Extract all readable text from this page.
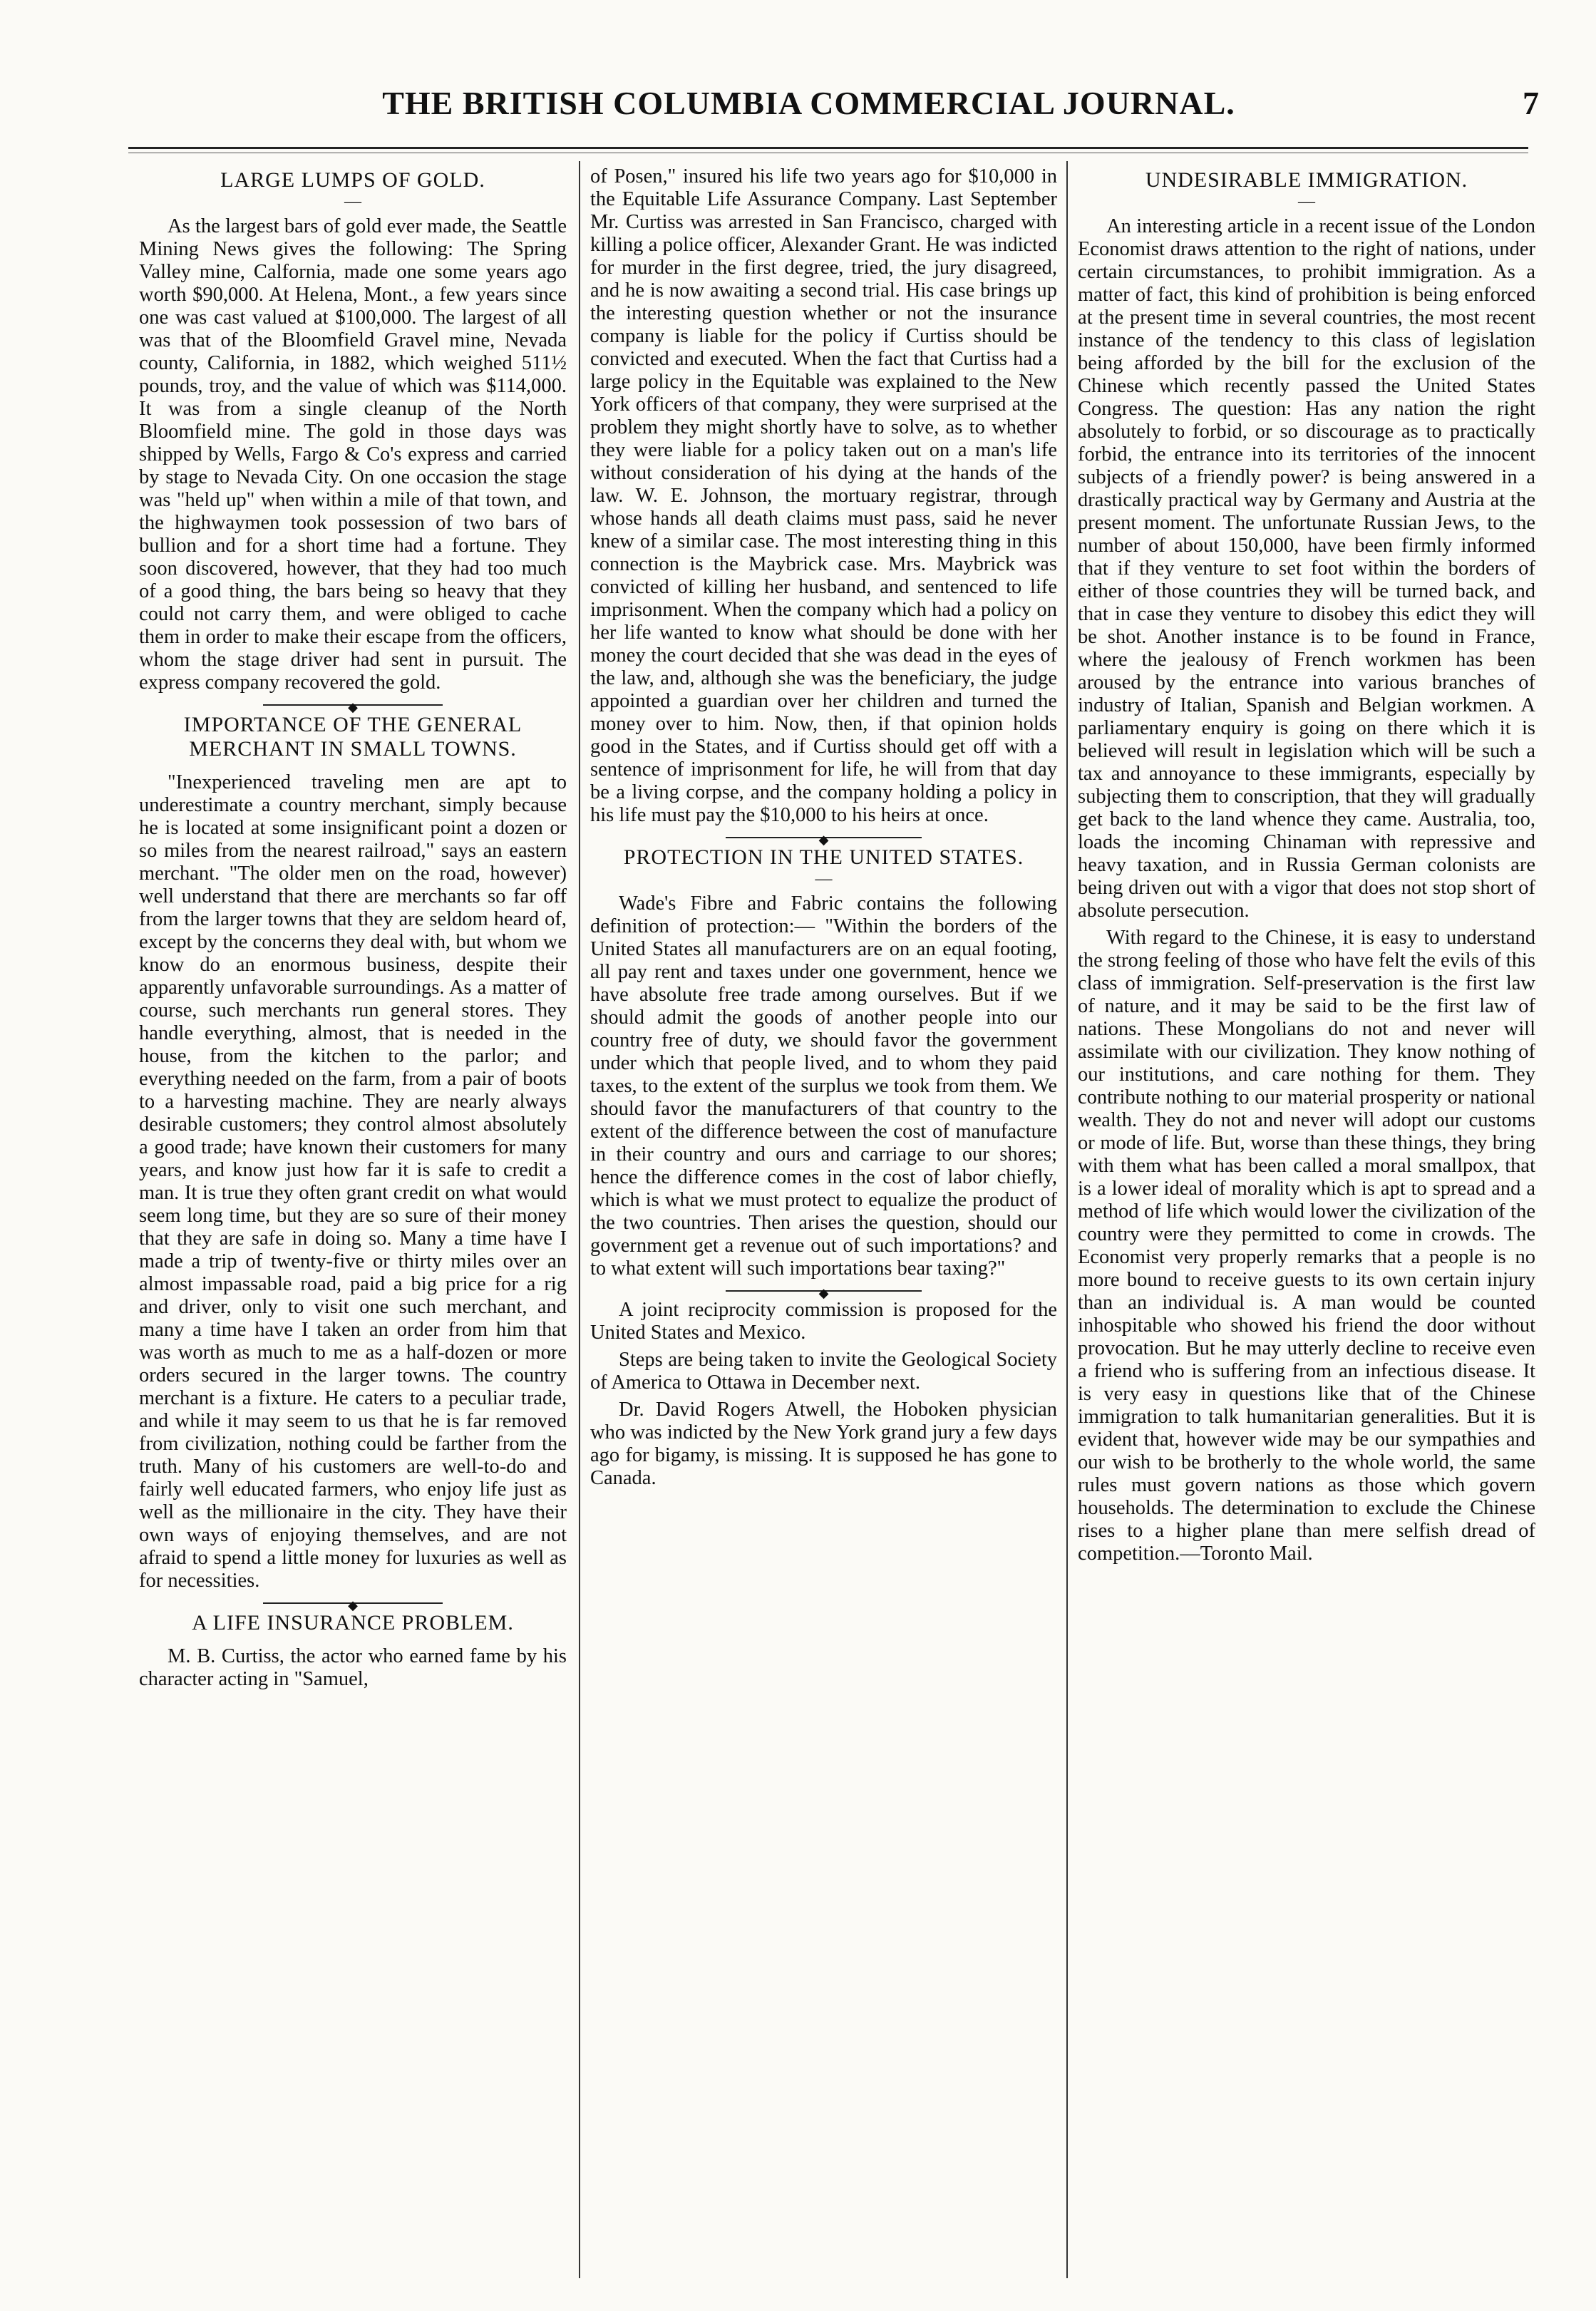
THE BRITISH COLUMBIA COMMERCIAL JOURNAL.	7
LARGE LUMPS OF GOLD.
—

As the largest bars of gold ever made, the Seattle Mining News gives the following: The Spring Valley mine, Calfornia, made one some years ago worth $90,000. At Helena, Mont., a few years since one was cast valued at $100,000. The largest of all was that of the Bloomfield Gravel mine, Nevada county, California, in 1882, which weighed 511½ pounds, troy, and the value of which was $114,000. It was from a single cleanup of the North Bloomfield mine. The gold in those days was shipped by Wells, Fargo & Co's express and carried by stage to Nevada City. On one occasion the stage was "held up" when within a mile of that town, and the highwaymen took possession of two bars of bullion and for a short time had a fortune. They soon discovered, however, that they had too much of a good thing, the bars being so heavy that they could not carry them, and were obliged to cache them in order to make their escape from the officers, whom the stage driver had sent in pursuit. The express company recovered the gold.

◆
IMPORTANCE OF THE GENERAL MERCHANT IN SMALL TOWNS.

"Inexperienced traveling men are apt to underestimate a country merchant, simply because he is located at some insignificant point a dozen or so miles from the nearest railroad," says an eastern merchant. "The older men on the road, however) well understand that there are merchants so far off from the larger towns that they are seldom heard of, except by the concerns they deal with, but whom we know do an enormous business, despite their apparently unfavorable surroundings. As a matter of course, such merchants run general stores. They handle everything, almost, that is needed in the house, from the kitchen to the parlor; and everything needed on the farm, from a pair of boots to a harvesting machine. They are nearly always desirable customers; they control almost absolutely a good trade; have known their customers for many years, and know just how far it is safe to credit a man. It is true they often grant credit on what would seem long time, but they are so sure of their money that they are safe in doing so. Many a time have I made a trip of twenty-five or thirty miles over an almost impassable road, paid a big price for a rig and driver, only to visit one such merchant, and many a time have I taken an order from him that was worth as much to me as a half-dozen or more orders secured in the larger towns. The country merchant is a fixture. He caters to a peculiar trade, and while it may seem to us that he is far removed from civilization, nothing could be farther from the truth. Many of his customers are well-to-do and fairly well educated farmers, who enjoy life just as well as the millionaire in the city. They have their own ways of enjoying themselves, and are not afraid to spend a little money for luxuries as well as for necessities.

◆
A LIFE INSURANCE PROBLEM.

M. B. Curtiss, the actor who earned fame by his character acting in "Samuel,

of Posen," insured his life two years ago for $10,000 in the Equitable Life Assurance Company. Last September Mr. Curtiss was arrested in San Francisco, charged with killing a police officer, Alexander Grant. He was indicted for murder in the first degree, tried, the jury disagreed, and he is now awaiting a second trial. His case brings up the interesting question whether or not the insurance company is liable for the policy if Curtiss should be convicted and executed. When the fact that Curtiss had a large policy in the Equitable was explained to the New York officers of that company, they were surprised at the problem they might shortly have to solve, as to whether they were liable for a policy taken out on a man's life without consideration of his dying at the hands of the law. W. E. Johnson, the mortuary registrar, through whose hands all death claims must pass, said he never knew of a similar case. The most interesting thing in this connection is the Maybrick case. Mrs. Maybrick was convicted of killing her husband, and sentenced to life imprisonment. When the company which had a policy on her life wanted to know what should be done with her money the court decided that she was dead in the eyes of the law, and, although she was the beneficiary, the judge appointed a guardian over her children and turned the money over to him. Now, then, if that opinion holds good in the States, and if Curtiss should get off with a sentence of imprisonment for life, he will from that day be a living corpse, and the company holding a policy in his life must pay the $10,000 to his heirs at once.

◆
PROTECTION IN THE UNITED STATES.
—

Wade's Fibre and Fabric contains the following definition of protection:— "Within the borders of the United States all manufacturers are on an equal footing, all pay rent and taxes under one government, hence we have absolute free trade among ourselves. But if we should admit the goods of another people into our country free of duty, we should favor the government under which that people lived, and to whom they paid taxes, to the extent of the surplus we took from them. We should favor the manufacturers of that country to the extent of the difference between the cost of manufacture in their country and ours and carriage to our shores; hence the difference comes in the cost of labor chiefly, which is what we must protect to equalize the product of the two countries. Then arises the question, should our government get a revenue out of such importations? and to what extent will such importations bear taxing?"

◆

A joint reciprocity commission is proposed for the United States and Mexico.

Steps are being taken to invite the Geological Society of America to Ottawa in December next.

Dr. David Rogers Atwell, the Hoboken physician who was indicted by the New York grand jury a few days ago for bigamy, is missing. It is supposed he has gone to Canada.

UNDESIRABLE IMMIGRATION.
—

An interesting article in a recent issue of the London Economist draws attention to the right of nations, under certain circumstances, to prohibit immigration. As a matter of fact, this kind of prohibition is being enforced at the present time in several countries, the most recent instance of the tendency to this class of legislation being afforded by the bill for the exclusion of the Chinese which recently passed the United States Congress. The question: Has any nation the right absolutely to forbid, or so discourage as to practically forbid, the entrance into its territories of the innocent subjects of a friendly power? is being answered in a drastically practical way by Germany and Austria at the present moment. The unfortunate Russian Jews, to the number of about 150,000, have been firmly informed that if they venture to set foot within the borders of either of those countries they will be turned back, and that in case they venture to disobey this edict they will be shot. Another instance is to be found in France, where the jealousy of French workmen has been aroused by the entrance into various branches of industry of Italian, Spanish and Belgian workmen. A parliamentary enquiry is going on there which it is believed will result in legislation which will be such a tax and annoyance to these immigrants, especially by subjecting them to conscription, that they will gradually get back to the land whence they came. Australia, too, loads the incoming Chinaman with repressive and heavy taxation, and in Russia German colonists are being driven out with a vigor that does not stop short of absolute persecution.

With regard to the Chinese, it is easy to understand the strong feeling of those who have felt the evils of this class of immigration. Self-preservation is the first law of nature, and it may be said to be the first law of nations. These Mongolians do not and never will assimilate with our civilization. They know nothing of our institutions, and care nothing for them. They contribute nothing to our material prosperity or national wealth. They do not and never will adopt our customs or mode of life. But, worse than these things, they bring with them what has been called a moral smallpox, that is a lower ideal of morality which is apt to spread and a method of life which would lower the civilization of the country were they permitted to come in crowds. The Economist very properly remarks that a people is no more bound to receive guests to its own certain injury than an individual is. A man would be counted inhospitable who showed his friend the door without provocation. But he may utterly decline to receive even a friend who is suffering from an infectious disease. It is very easy in questions like that of the Chinese immigration to talk humanitarian generalities. But it is evident that, however wide may be our sympathies and our wish to be brotherly to the whole world, the same rules must govern nations as those which govern households. The determination to exclude the Chinese rises to a higher plane than mere selfish dread of competition.—Toronto Mail.
